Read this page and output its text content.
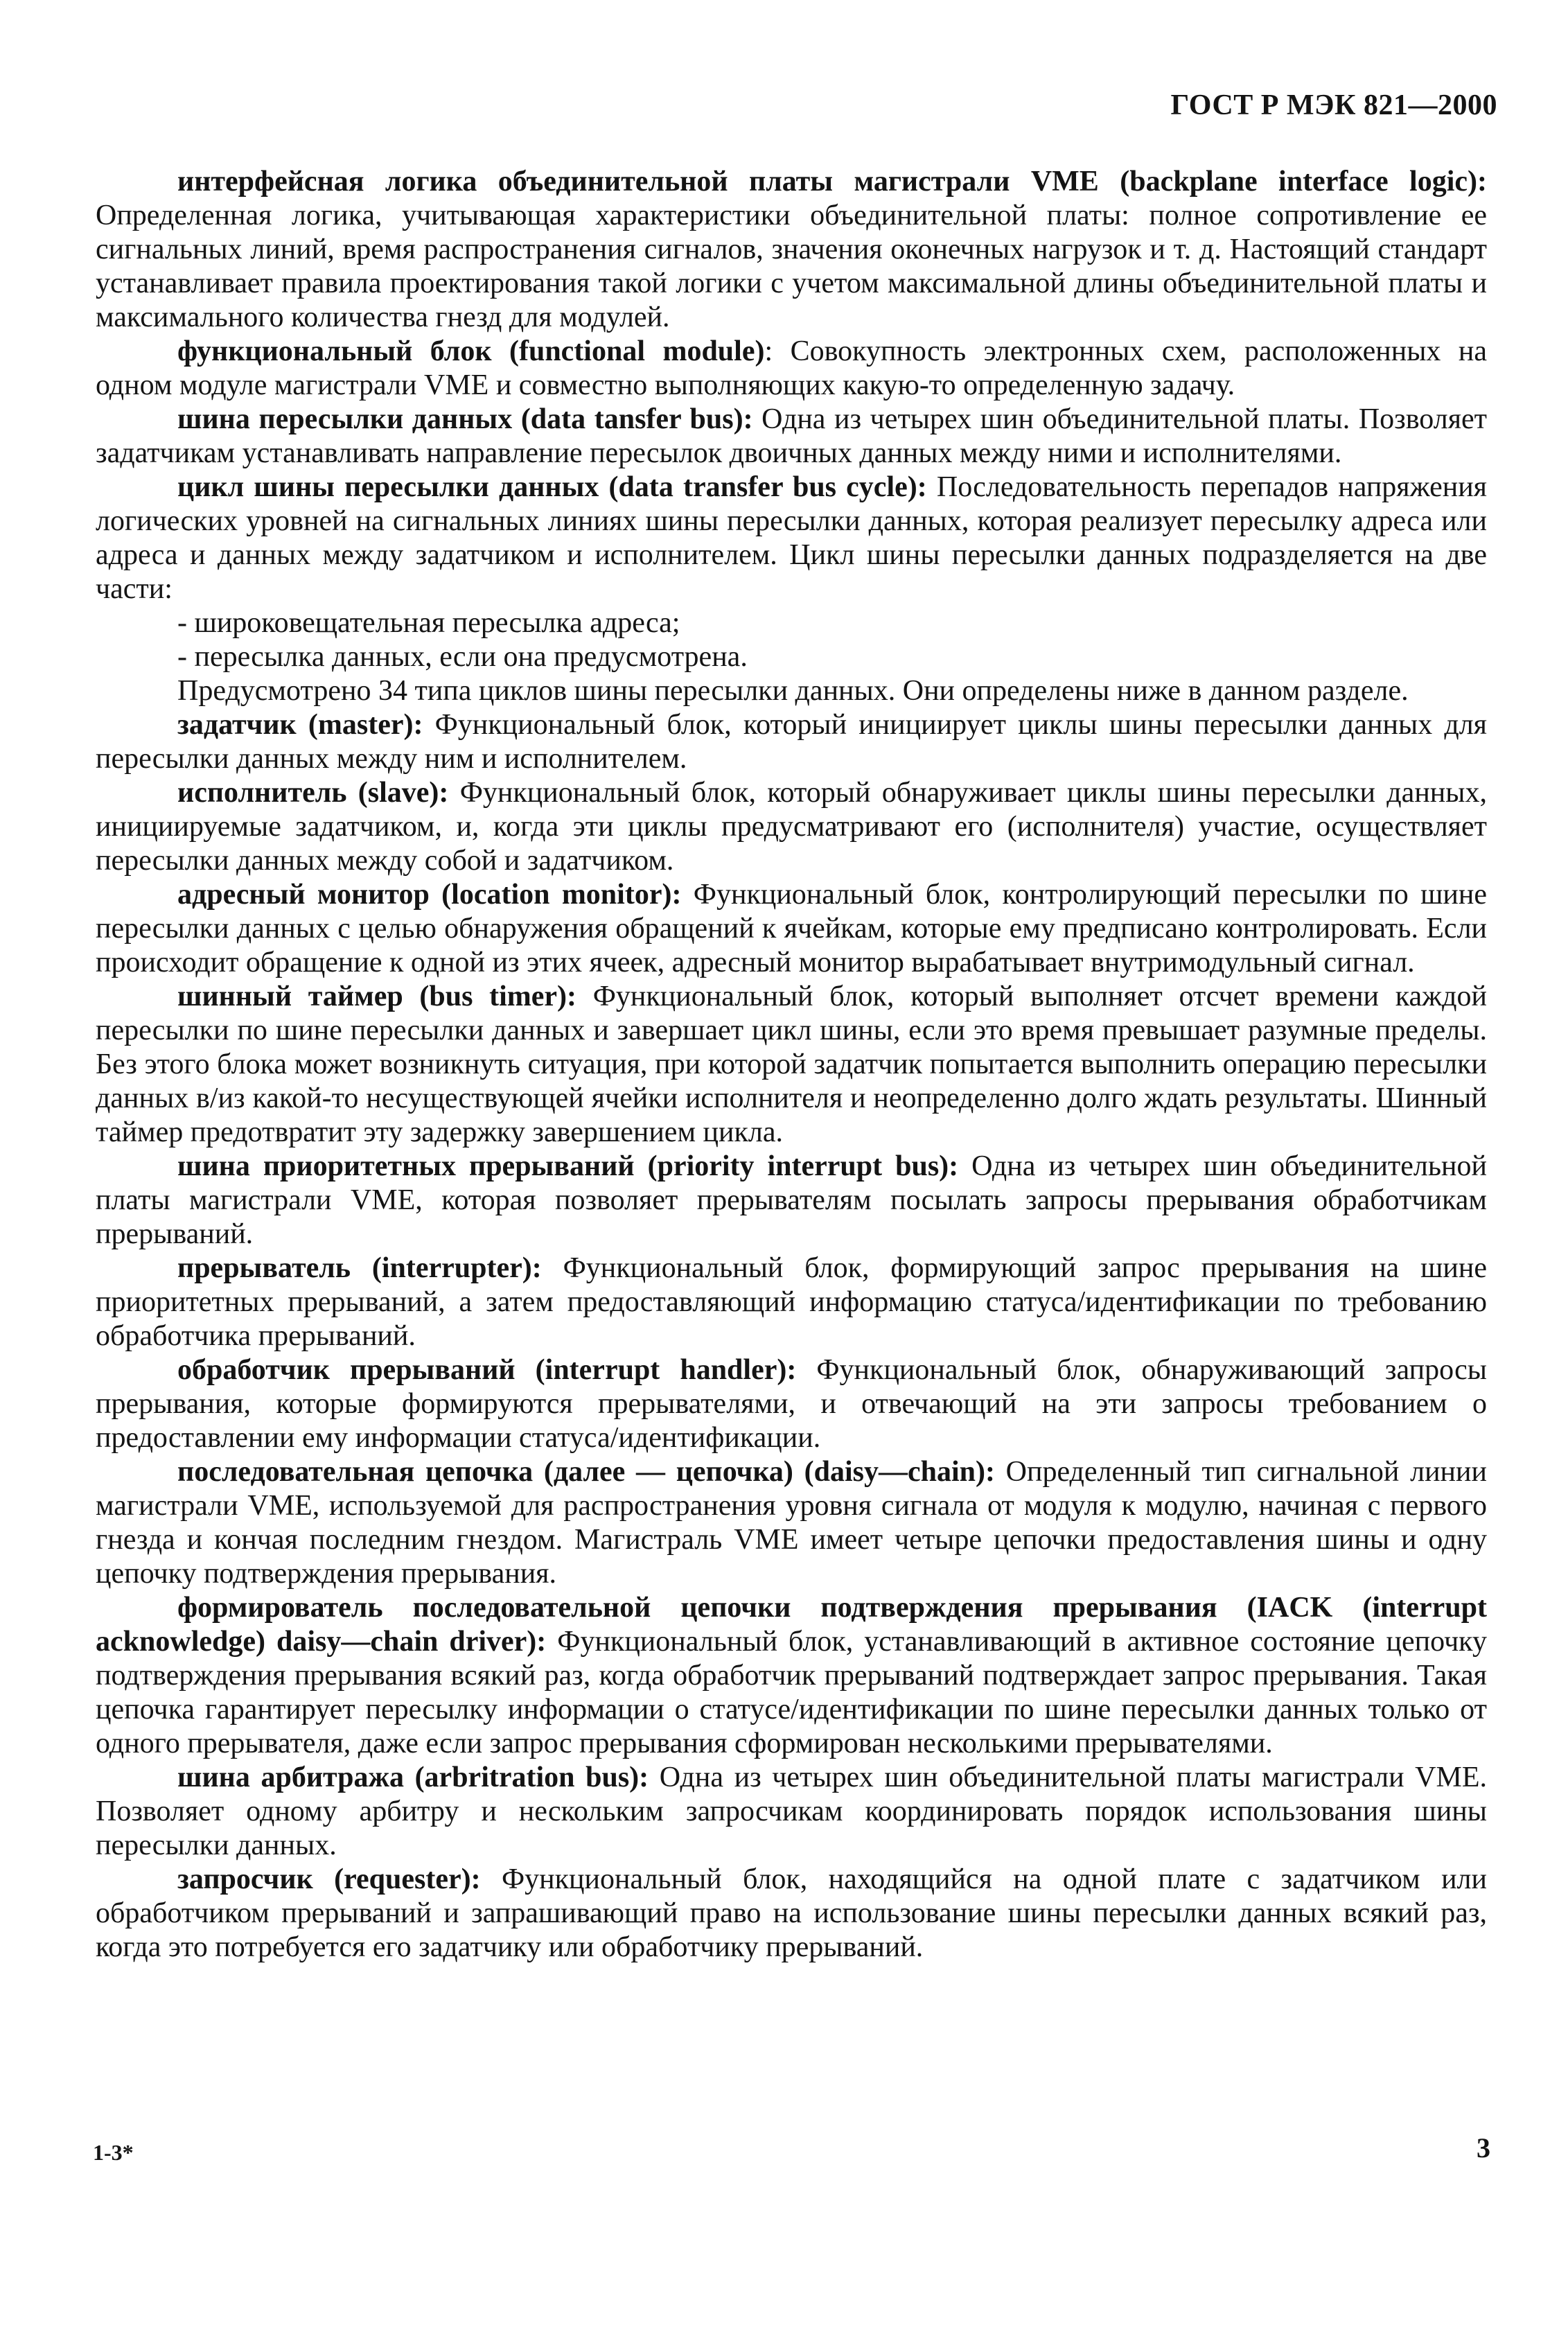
ГОСТ Р МЭК 821—2000

интерфейсная логика объединительной платы магистрали VME (backplane interface logic): Определенная логика, учитывающая характеристики объединительной платы: полное сопротивление ее сигнальных линий, время распространения сигналов, значения оконечных нагрузок и т. д. Настоящий стандарт устанавливает правила проектирования такой логики с учетом максимальной длины объединительной платы и максимального количества гнезд для модулей.

функциональный блок (functional module): Совокупность электронных схем, расположенных на одном модуле магистрали VME и совместно выполняющих какую-то определенную задачу.

шина пересылки данных (data tansfer bus): Одна из четырех шин объединительной платы. Позволяет задатчикам устанавливать направление пересылок двоичных данных между ними и исполнителями.

цикл шины пересылки данных (data transfer bus cycle): Последовательность перепадов напряжения логических уровней на сигнальных линиях шины пересылки данных, которая реализует пересылку адреса или адреса и данных между задатчиком и исполнителем. Цикл шины пересылки данных подразделяется на две части:

- широковещательная пересылка адреса;

- пересылка данных, если она предусмотрена.

Предусмотрено 34 типа циклов шины пересылки данных. Они определены ниже в данном разделе.

задатчик (master): Функциональный блок, который инициирует циклы шины пересылки данных для пересылки данных между ним и исполнителем.

исполнитель (slave): Функциональный блок, который обнаруживает циклы шины пересылки данных, инициируемые задатчиком, и, когда эти циклы предусматривают его (исполнителя) участие, осуществляет пересылки данных между собой и задатчиком.

адресный монитор (location monitor): Функциональный блок, контролирующий пересылки по шине пересылки данных с целью обнаружения обращений к ячейкам, которые ему предписано контролировать. Если происходит обращение к одной из этих ячеек, адресный монитор вырабатывает внутримодульный сигнал.

шинный таймер (bus timer): Функциональный блок, который выполняет отсчет времени каждой пересылки по шине пересылки данных и завершает цикл шины, если это время превышает разумные пределы. Без этого блока может возникнуть ситуация, при которой задатчик попытается выполнить операцию пересылки данных в/из какой-то несуществующей ячейки исполнителя и неопределенно долго ждать результаты. Шинный таймер предотвратит эту задержку завершением цикла.

шина приоритетных прерываний (priority interrupt bus): Одна из четырех шин объединительной платы магистрали VME, которая позволяет прерывателям посылать запросы прерывания обработчикам прерываний.

прерыватель (interrupter): Функциональный блок, формирующий запрос прерывания на шине приоритетных прерываний, а затем предоставляющий информацию статуса/идентификации по требованию обработчика прерываний.

обработчик прерываний (interrupt handler): Функциональный блок, обнаруживающий запросы прерывания, которые формируются прерывателями, и отвечающий на эти запросы требованием о предоставлении ему информации статуса/идентификации.

последовательная цепочка (далее — цепочка) (daisy—chain): Определенный тип сигнальной линии магистрали VME, используемой для распространения уровня сигнала от модуля к модулю, начиная с первого гнезда и кончая последним гнездом. Магистраль VME имеет четыре цепочки предоставления шины и одну цепочку подтверждения прерывания.

формирователь последовательной цепочки подтверждения прерывания (IACK (interrupt acknowledge) daisy—chain driver): Функциональный блок, устанавливающий в активное состояние цепочку подтверждения прерывания всякий раз, когда обработчик прерываний подтверждает запрос прерывания. Такая цепочка гарантирует пересылку информации о статусе/идентификации по шине пересылки данных только от одного прерывателя, даже если запрос прерывания сформирован несколькими прерывателями.

шина арбитража (arbritration bus): Одна из четырех шин объединительной платы магистрали VME. Позволяет одному арбитру и нескольким запросчикам координировать порядок использования шины пересылки данных.

запросчик (requester): Функциональный блок, находящийся на одной плате с задатчиком или обработчиком прерываний и запрашивающий право на использование шины пересылки данных всякий раз, когда это потребуется его задатчику или обработчику прерываний.

1-3*	3
